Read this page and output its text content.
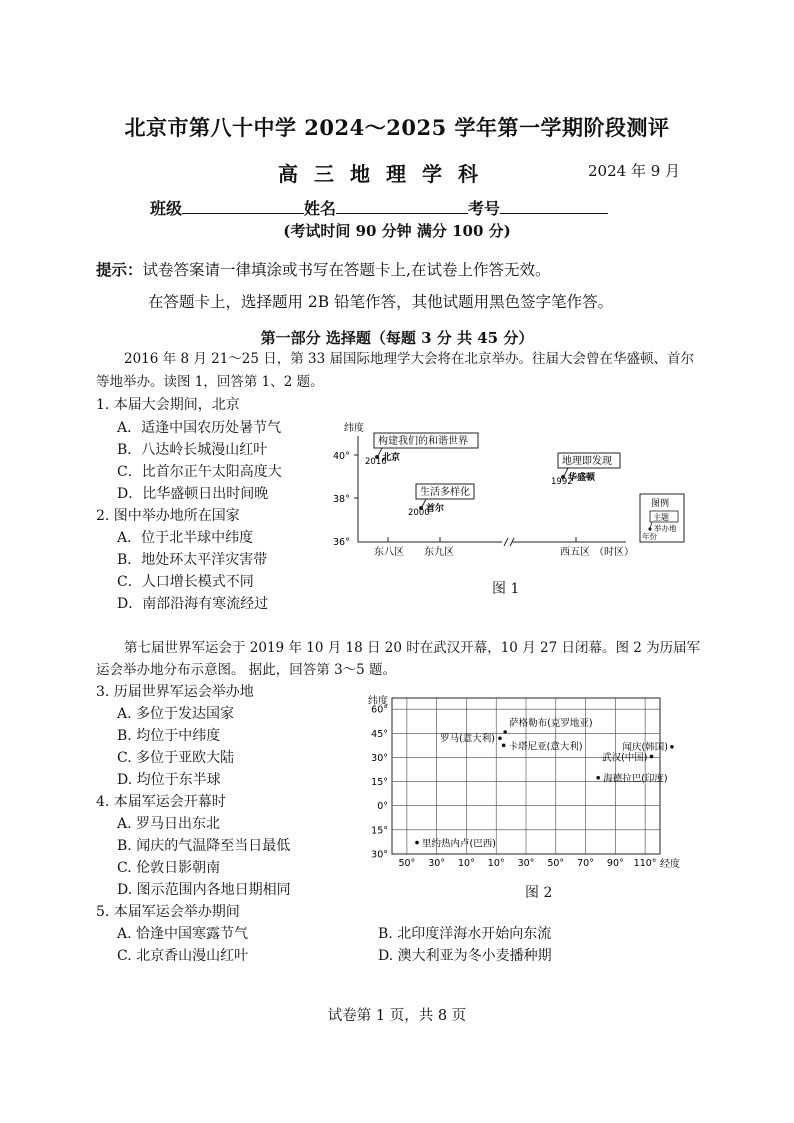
北京市第八十中学 2024～2025 学年第一学期阶段测评
高三地理学科	2024 年 9 月
班级	姓名	考号
(考试时间 90 分钟 满分 100 分)
提示：试卷答案请一律填涂或书写在答题卡上,在试卷上作答无效。
在答题卡上，选择题用 2B 铅笔作答，其他试题用黑色签字笔作答。
第一部分 选择题（每题 3 分 共 45 分）
2016 年 8 月 21～25 日，第 33 届国际地理学大会将在北京举办。往届大会曾在华盛顿、首尔
等地举办。读图 1，回答第 1、2 题。
1. 本届大会期间，北京
A．适逢中国农历处暑节气
B．八达岭长城漫山红叶
C．比首尔正午太阳高度大
D．比华盛顿日出时间晚
2. 图中举办地所在国家
A．位于北半球中纬度
B．地处环太平洋灾害带
C．人口增长模式不同
D．南部沿海有寒流经过
纬度
40°
38°
36°
东八区 东九区	西五区 （时区）
构建我们的和谐世界
2016
北京
生活多样化
2000
首尔
地理即发现
1992
华盛顿
图例
主题
举办地
年份
图 1
第七届世界军运会于 2019 年 10 月 18 日 20 时在武汉开幕，10 月 27 日闭幕。图 2 为历届军
运会举办地分布示意图。 据此，回答第 3～5 题。
3. 历届世界军运会举办地
A. 多位于发达国家
B. 均位于中纬度
C. 多位于亚欧大陆
D. 均位于东半球
4. 本届军运会开幕时
A. 罗马日出东北
B. 闻庆的气温降至当日最低
C. 伦敦日影朝南
D. 图示范围内各地日期相同
5. 本届军运会举办期间
A. 恰逢中国寒露节气	B. 北印度洋海水开始向东流
C. 北京香山漫山红叶	D. 澳大利亚为冬小麦播种期
纬度
经度
50° 30° 10° 10° 30° 50° 70° 90° 110°
60°
45°
30°
15°
0°
15°
30°
萨格勒布(克罗地亚)
罗马(意大利)
卡塔尼亚(意大利)	闻庆(韩国)
武汉(中国)
海德拉巴(印度)
里约热内卢(巴西)
图 2
试卷第 1 页，共 8 页
